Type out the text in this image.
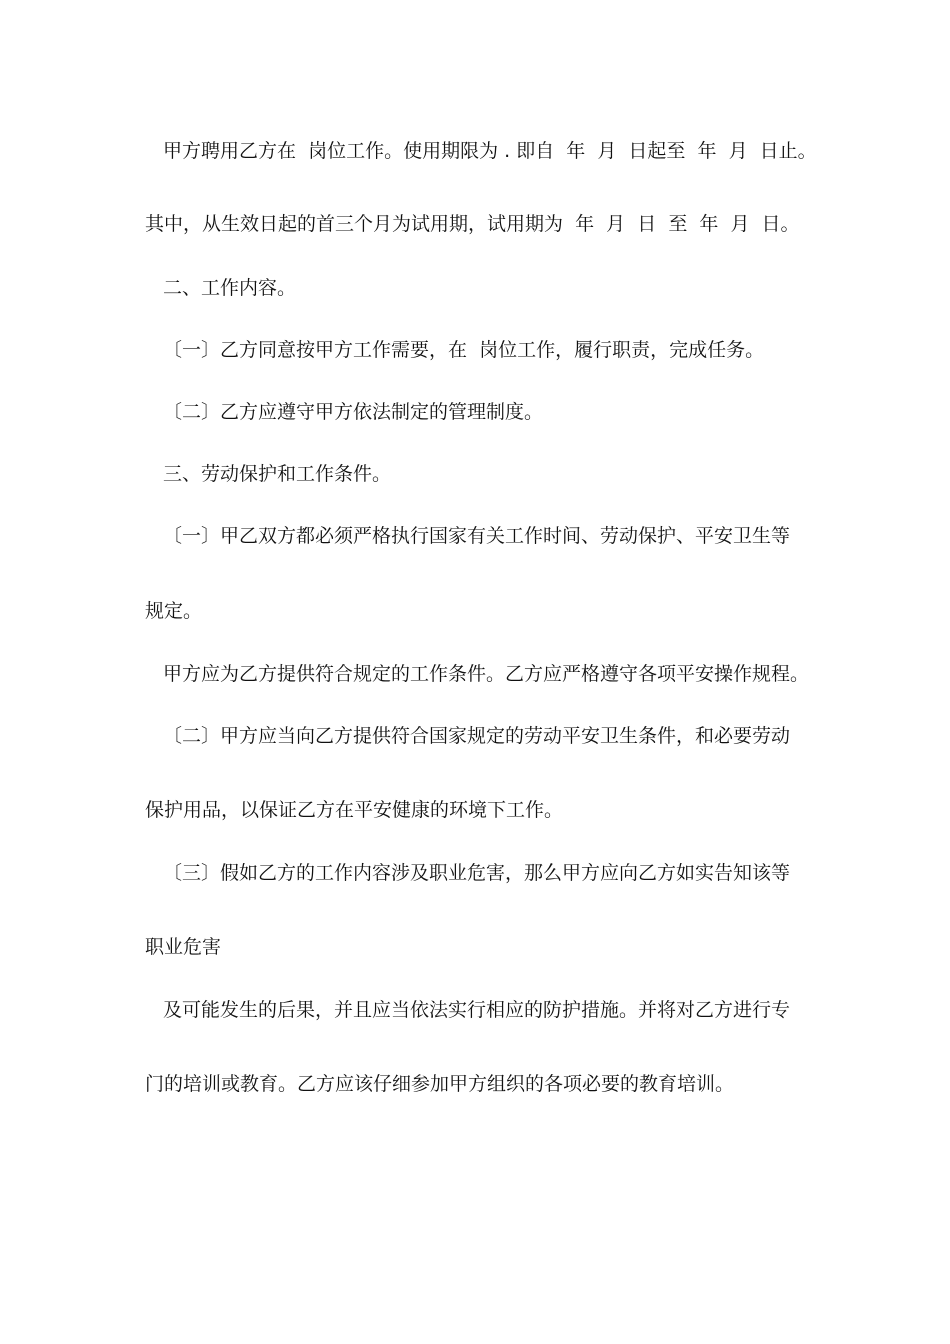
甲方聘用乙方在  岗位工作。使用期限为 . 即自  年  月  日起至  年  月  日止。

其中，从生效日起的首三个月为试用期，试用期为  年  月  日  至  年  月  日。

二、工作内容。

〔一〕乙方同意按甲方工作需要，在  岗位工作，履行职责，完成任务。

〔二〕乙方应遵守甲方依法制定的管理制度。

三、劳动保护和工作条件。

〔一〕甲乙双方都必须严格执行国家有关工作时间、劳动保护、平安卫生等

规定。

甲方应为乙方提供符合规定的工作条件。乙方应严格遵守各项平安操作规程。

〔二〕甲方应当向乙方提供符合国家规定的劳动平安卫生条件，和必要劳动

保护用品，以保证乙方在平安健康的环境下工作。

〔三〕假如乙方的工作内容涉及职业危害，那么甲方应向乙方如实告知该等

职业危害

及可能发生的后果，并且应当依法实行相应的防护措施。并将对乙方进行专

门的培训或教育。乙方应该仔细参加甲方组织的各项必要的教育培训。
